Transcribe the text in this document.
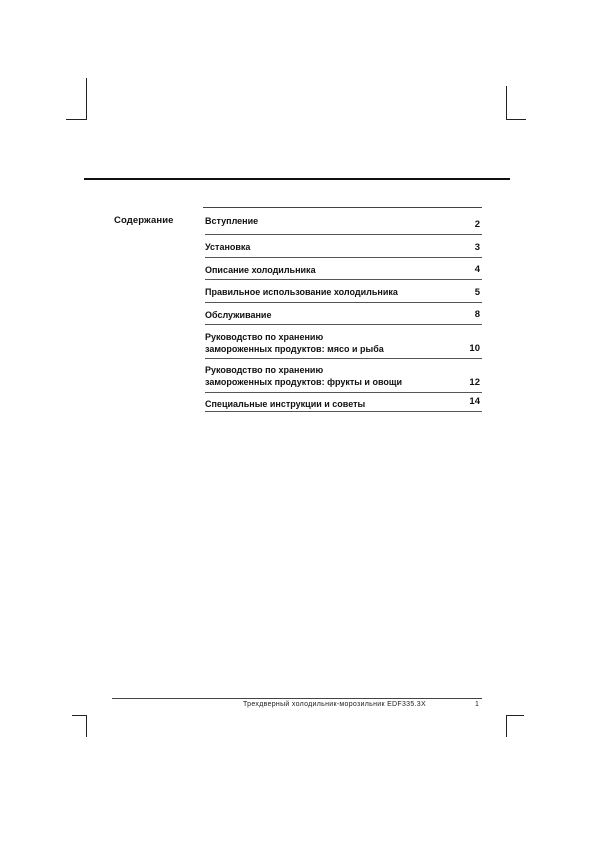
Содержание	Вступление	2
Установка	3
Описание холодильника	4
Правильное использование холодильника	5
Обслуживание	8
Руководство по хранению
замороженных продуктов: мясо и рыба	10
Руководство по хранению
замороженных продуктов: фрукты и овощи	12
Специальные инструкции и советы	14
Трехдверный холодильник-морозильник EDF335.3X	1
